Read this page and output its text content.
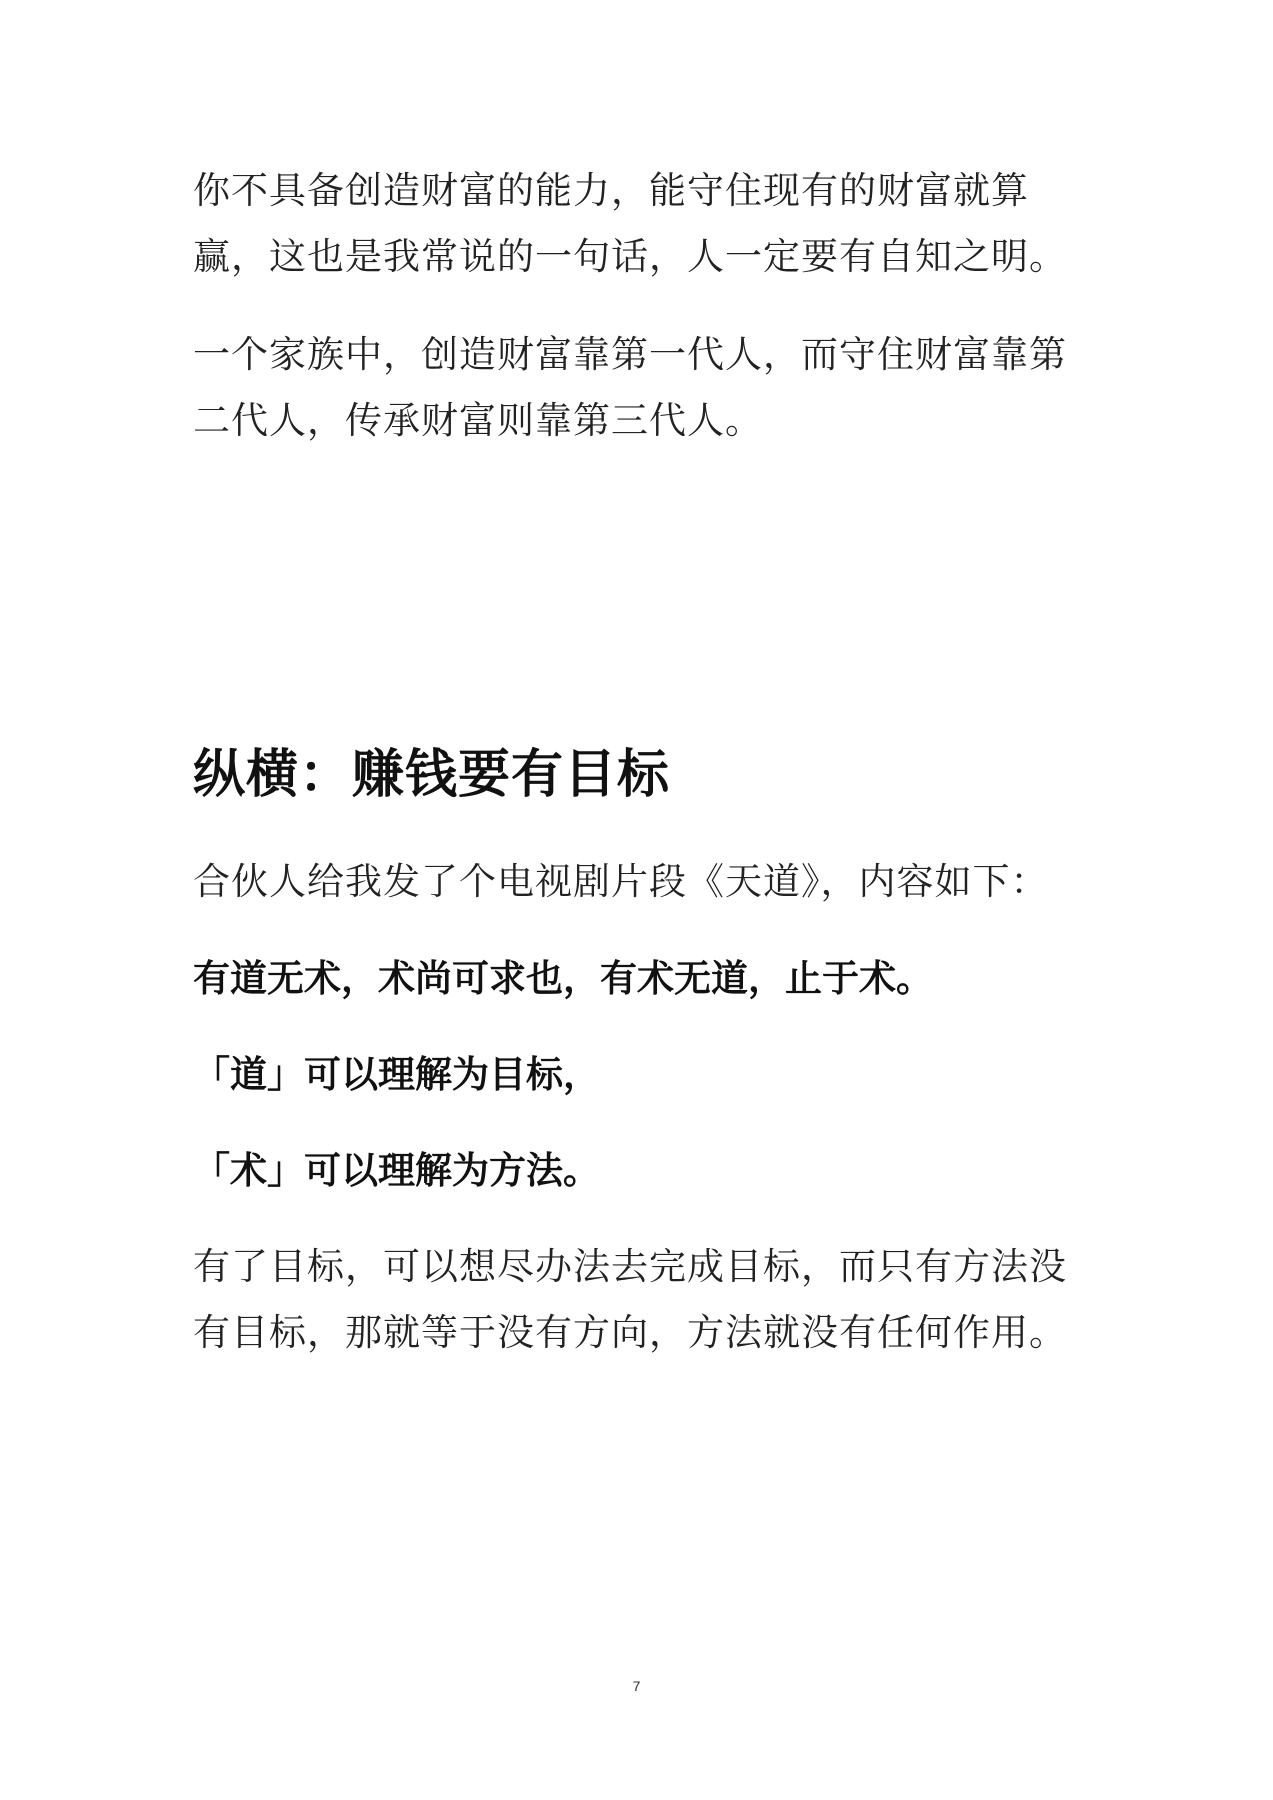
你不具备创造财富的能力，能守住现有的财富就算赢，这也是我常说的一句话，人一定要有自知之明。

一个家族中，创造财富靠第一代人，而守住财富靠第二代人，传承财富则靠第三代人。

纵横：赚钱要有目标

合伙人给我发了个电视剧片段《天道》，内容如下：

有道无术，术尚可求也，有术无道，止于术。

「道」可以理解为目标，

「术」可以理解为方法。

有了目标，可以想尽办法去完成目标，而只有方法没有目标，那就等于没有方向，方法就没有任何作用。

7
